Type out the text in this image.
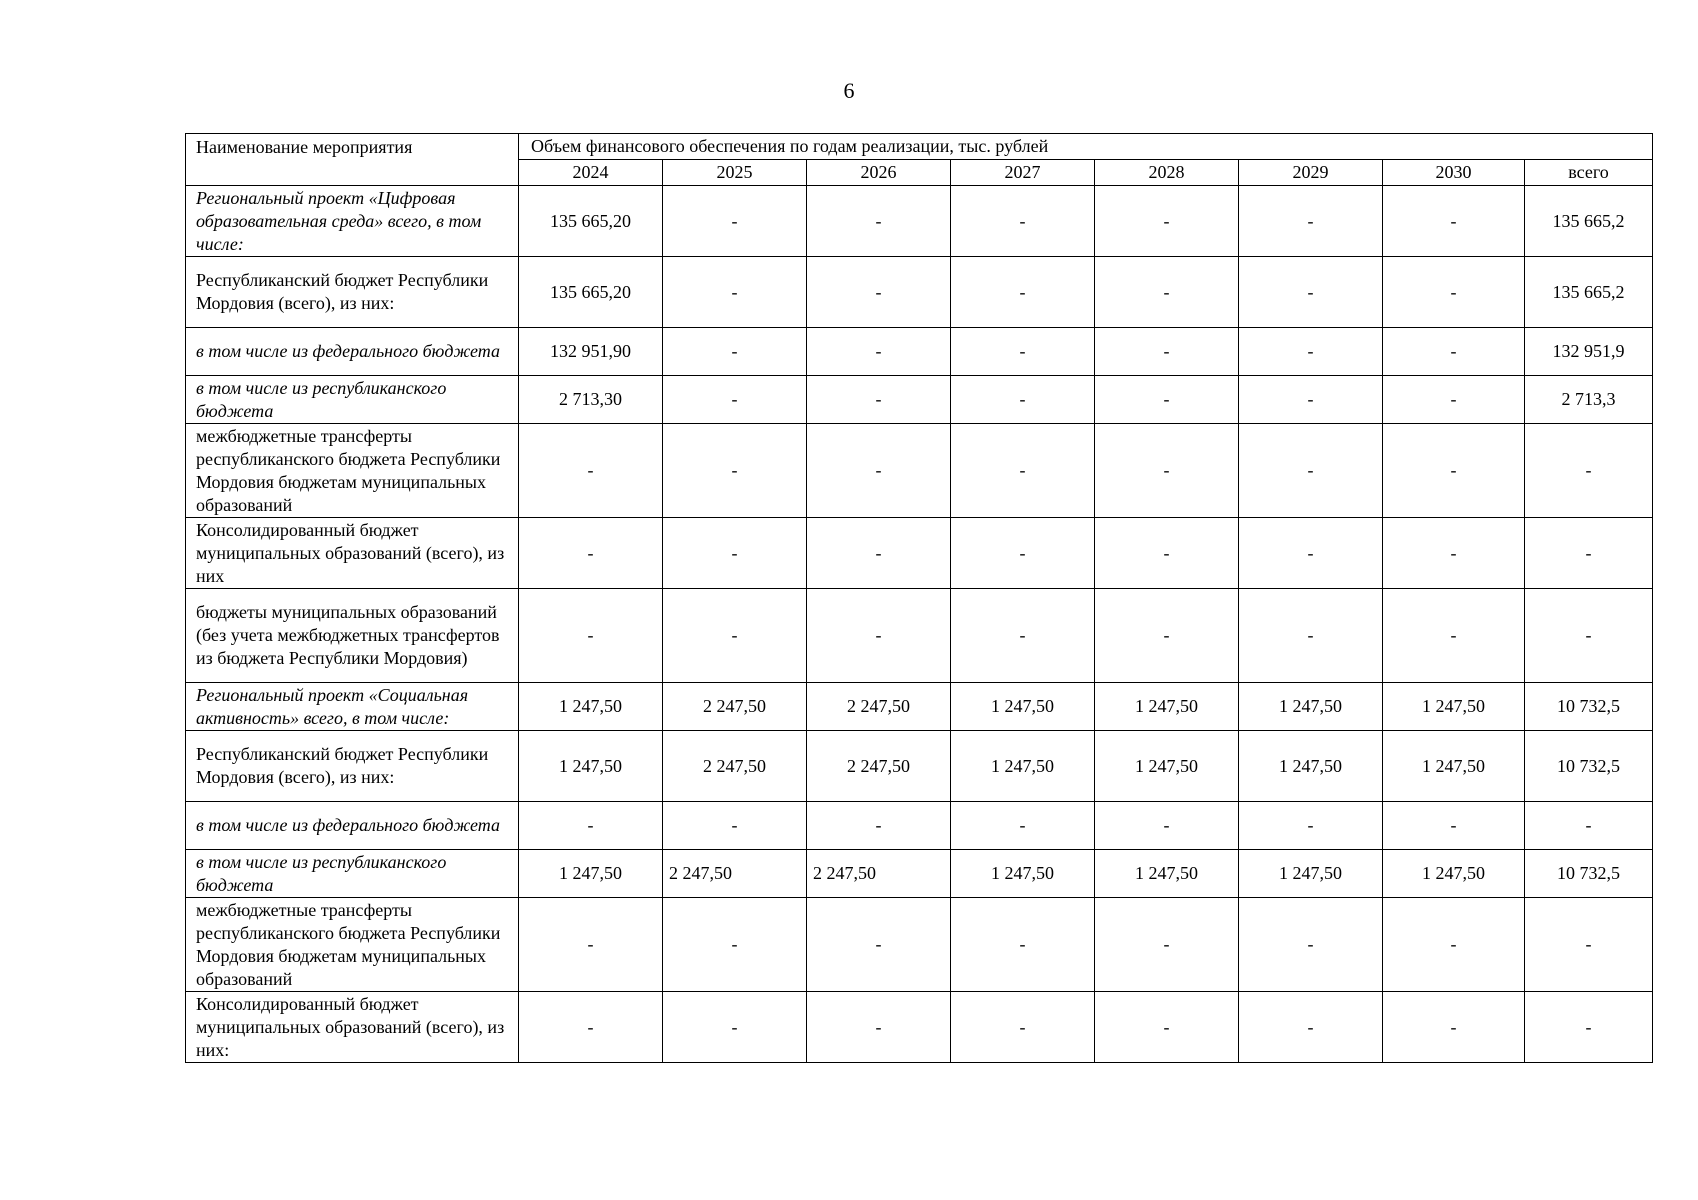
6
Наименование мероприятия	Объем финансового обеспечения по годам реализации, тыс. рублей							
	2024	2025	2026	2027	2028	2029	2030	всего
Региональный проект «Цифровая образовательная среда» всего, в том числе:	135 665,20	-	-	-	-	-	-	135 665,2
Республиканский бюджет Республики Мордовия (всего), из них:	135 665,20	-	-	-	-	-	-	135 665,2
в том числе из федерального бюджета	132 951,90	-	-	-	-	-	-	132 951,9
в том числе из республиканского бюджета	2 713,30	-	-	-	-	-	-	2 713,3
межбюджетные трансферты республиканского бюджета Республики Мордовия бюджетам муниципальных образований	-	-	-	-	-	-	-	-
Консолидированный бюджет муниципальных образований (всего), из них	-	-	-	-	-	-	-	-
бюджеты муниципальных образований (без учета межбюджетных трансфертов из бюджета Республики Мордовия)	-	-	-	-	-	-	-	-
Региональный проект «Социальная активность» всего, в том числе:	1 247,50	2 247,50	2 247,50	1 247,50	1 247,50	1 247,50	1 247,50	10 732,5
Республиканский бюджет Республики Мордовия (всего), из них:	1 247,50	2 247,50	2 247,50	1 247,50	1 247,50	1 247,50	1 247,50	10 732,5
в том числе из федерального бюджета	-	-	-	-	-	-	-	-
в том числе из республиканского бюджета	1 247,50	2 247,50	2 247,50	1 247,50	1 247,50	1 247,50	1 247,50	10 732,5
межбюджетные трансферты республиканского бюджета Республики Мордовия бюджетам муниципальных образований	-	-	-	-	-	-	-	-
Консолидированный бюджет муниципальных образований (всего), из них:	-	-	-	-	-	-	-	-
